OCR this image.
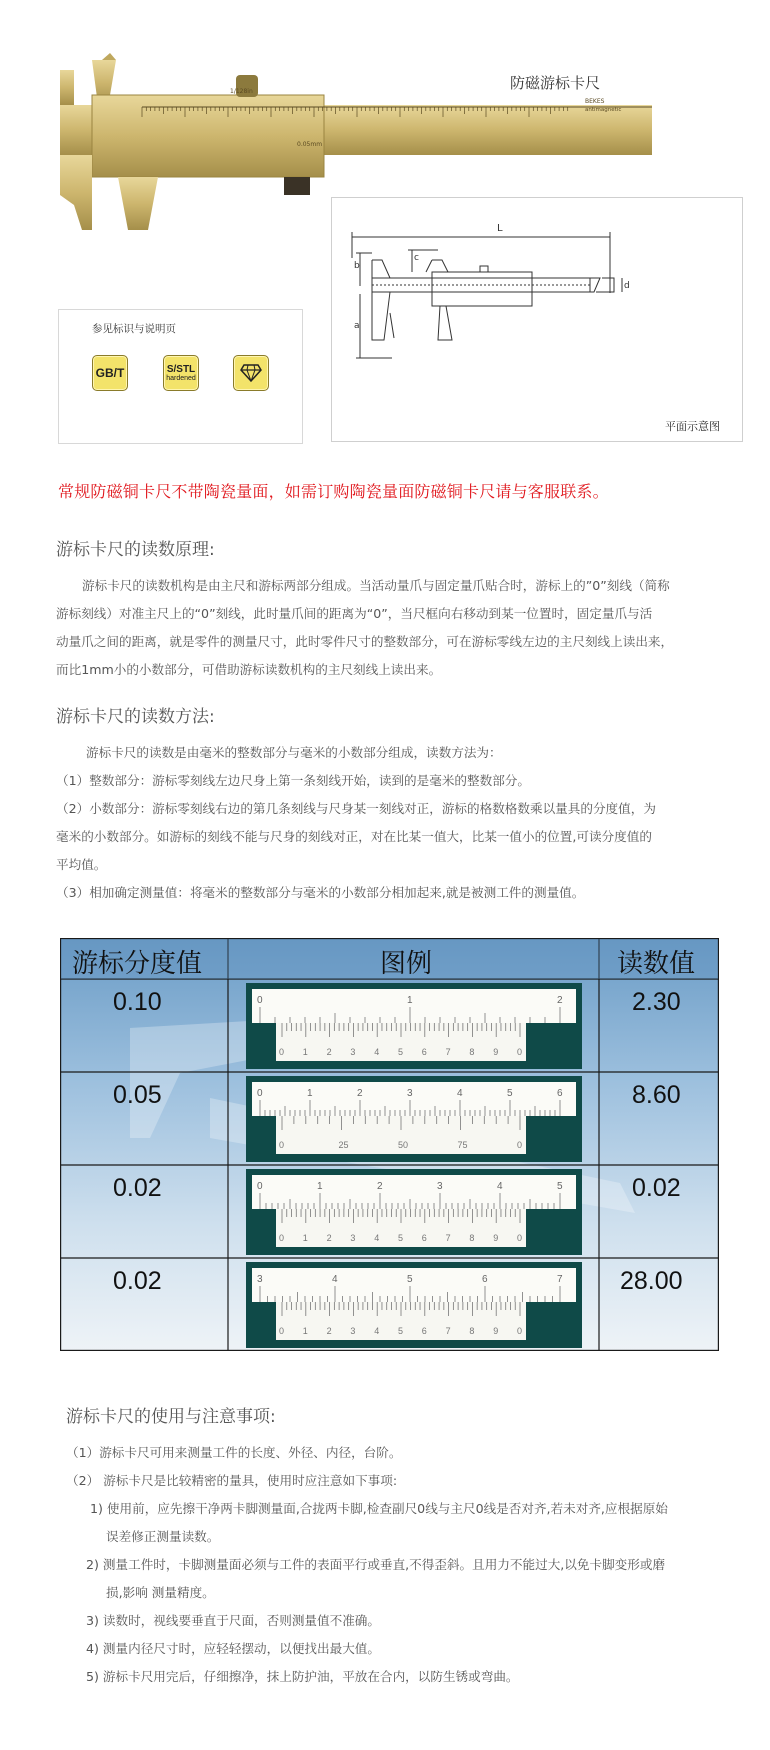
1/128in
BEKES
antimagnetic
0.05mm
防磁游标卡尺
参见标识与说明页
GB/T	S/STL
hardened
L
b
c
a
d
平面示意图
常规防磁铜卡尺不带陶瓷量面，如需订购陶瓷量面防磁铜卡尺请与客服联系。
游标卡尺的读数原理:
游标卡尺的读数机构是由主尺和游标两部分组成。当活动量爪与固定量爪贴合时，游标上的”0”刻线（简称
游标刻线）对准主尺上的“0”刻线，此时量爪间的距离为“0”，当尺框向右移动到某一位置时，固定量爪与活
动量爪之间的距离，就是零件的测量尺寸，此时零件尺寸的整数部分，可在游标零线左边的主尺刻线上读出来，
而比1mm小的小数部分，可借助游标读数机构的主尺刻线上读出来。
游标卡尺的读数方法:
游标卡尺的读数是由毫米的整数部分与毫米的小数部分组成，读数方法为：
（1）整数部分：游标零刻线左边尺身上第一条刻线开始，读到的是毫米的整数部分。
（2）小数部分：游标零刻线右边的第几条刻线与尺身某一刻线对正，游标的格数格数乘以量具的分度值，为
毫米的小数部分。如游标的刻线不能与尺身的刻线对正，对在比某一值大，比某一值小的位置,可读分度值的
平均值。
（3）相加确定测量值：将毫米的整数部分与毫米的小数部分相加起来,就是被测工件的测量值。
游标分度值	图例	读数值
0.10	2.30
0.05	8.60
0.02	0.02
0.02	28.00
0	1	2
0 1 2 3 4 5 6 7 8 9 0
0	1	2	3	4	5	6
0	25	50	75	0
0	1	2	3	4	5
0 1 2 3 4 5 6 7 8 9 0
3	4	5	6	7
0 1 2 3 4 5 6 7 8 9 0
游标卡尺的使用与注意事项:
（1）游标卡尺可用来测量工件的长度、外径、内径，台阶。
（2） 游标卡尺是比较精密的量具，使用时应注意如下事项:
1) 使用前，应先擦干净两卡脚测量面,合拢两卡脚,检查副尺0线与主尺0线是否对齐,若未对齐,应根据原始
误差修正测量读数。
2) 测量工件时，卡脚测量面必须与工件的表面平行或垂直,不得歪斜。且用力不能过大,以免卡脚变形或磨
损,影响 测量精度。
3) 读数时，视线要垂直于尺面，否则测量值不准确。
4) 测量内径尺寸时，应轻轻摆动，以便找出最大值。
5) 游标卡尺用完后，仔细擦净，抹上防护油，平放在合内，以防生锈或弯曲。
